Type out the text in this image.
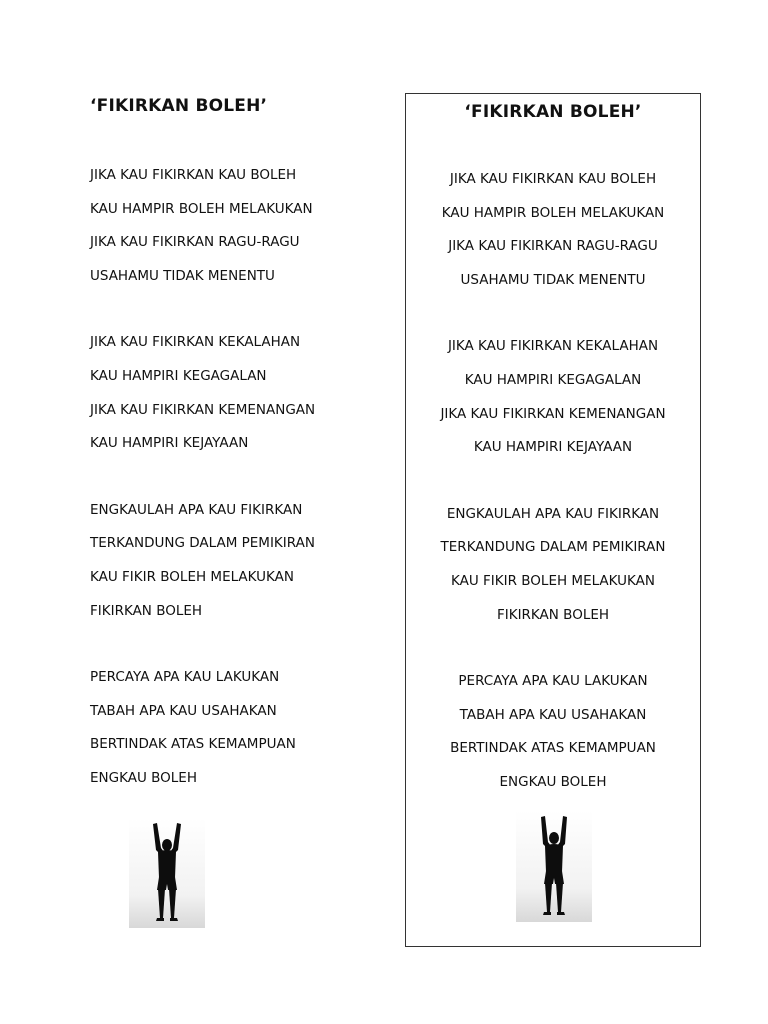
‘FIKIRKAN BOLEH’
JIKA KAU FIKIRKAN KAU BOLEH
KAU HAMPIR BOLEH MELAKUKAN
JIKA KAU FIKIRKAN RAGU-RAGU
USAHAMU TIDAK MENENTU
JIKA KAU FIKIRKAN KEKALAHAN
KAU HAMPIRI KEGAGALAN
JIKA KAU FIKIRKAN KEMENANGAN
KAU HAMPIRI KEJAYAAN
ENGKAULAH APA KAU FIKIRKAN
TERKANDUNG DALAM PEMIKIRAN
KAU FIKIR BOLEH MELAKUKAN
FIKIRKAN BOLEH
PERCAYA APA KAU LAKUKAN
TABAH APA KAU USAHAKAN
BERTINDAK ATAS KEMAMPUAN
ENGKAU BOLEH
‘FIKIRKAN BOLEH’
JIKA KAU FIKIRKAN KAU BOLEH
KAU HAMPIR BOLEH MELAKUKAN
JIKA KAU FIKIRKAN RAGU-RAGU
USAHAMU TIDAK MENENTU
JIKA KAU FIKIRKAN KEKALAHAN
KAU HAMPIRI KEGAGALAN
JIKA KAU FIKIRKAN KEMENANGAN
KAU HAMPIRI KEJAYAAN
ENGKAULAH APA KAU FIKIRKAN
TERKANDUNG DALAM PEMIKIRAN
KAU FIKIR BOLEH MELAKUKAN
FIKIRKAN BOLEH
PERCAYA APA KAU LAKUKAN
TABAH APA KAU USAHAKAN
BERTINDAK ATAS KEMAMPUAN
ENGKAU BOLEH
